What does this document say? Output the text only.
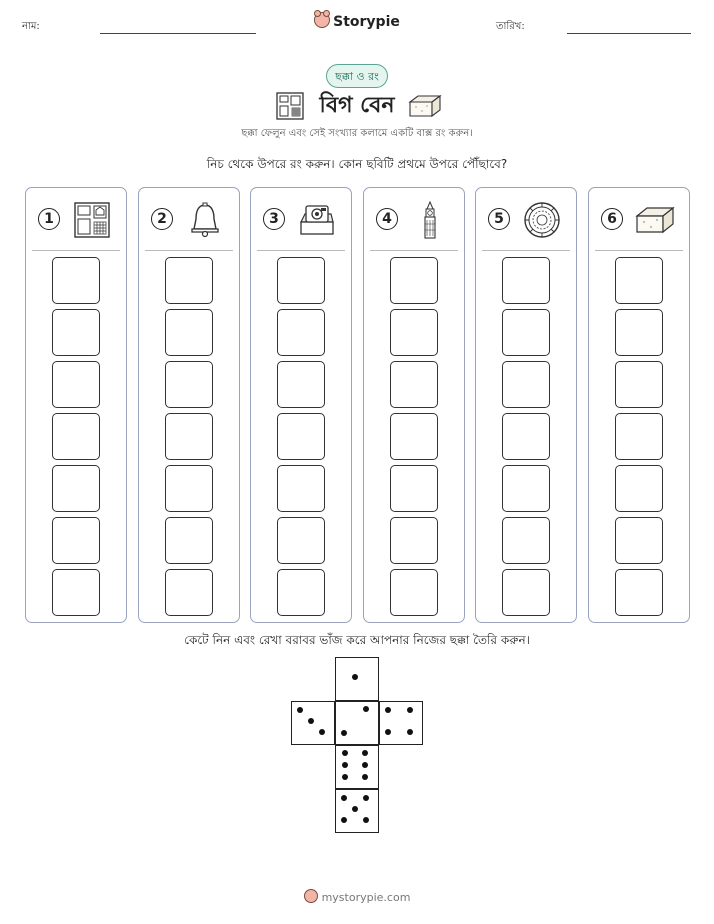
নাম:	Storypie	তারিখ:
ছক্কা ও রং
বিগ বেন
ছক্কা ফেলুন এবং সেই সংখ্যার কলামে একটি বাক্স রং করুন।
নিচ থেকে উপরে রং করুন। কোন ছবিটি প্রথমে উপরে পৌঁছাবে?
1	2	3	4	5	6
কেটে নিন এবং রেখা বরাবর ভাঁজ করে আপনার নিজের ছক্কা তৈরি করুন।
mystorypie.com
